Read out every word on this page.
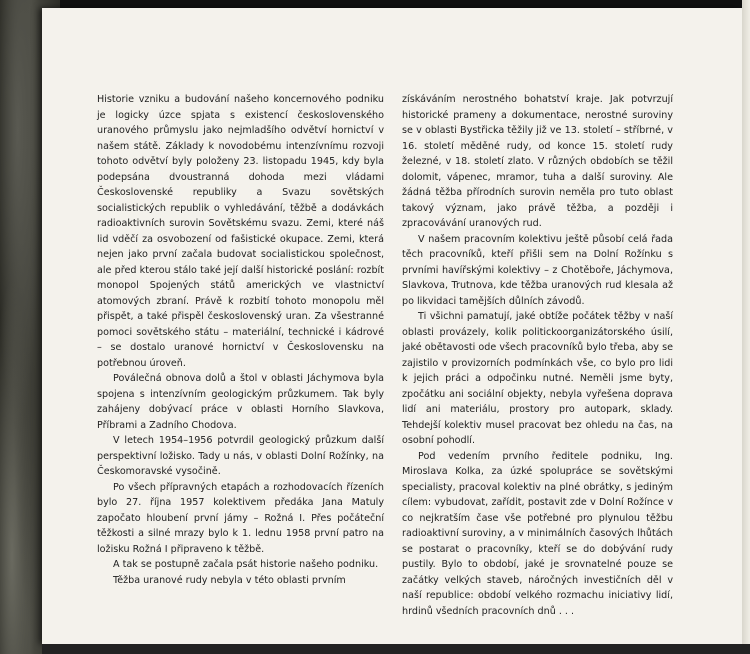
Historie vzniku a budování našeho koncernového podniku je logicky úzce spjata s existencí československého uranového průmyslu jako nejmladšího odvětví hornictví v našem státě. Základy k novodobému intenzívnímu rozvoji tohoto odvětví byly položeny 23. listopadu 1945, kdy byla podepsána dvoustranná dohoda mezi vládami Československé republiky a Svazu sovětských socialistických republik o vyhledávání, těžbě a dodávkách radioaktivních surovin Sovětskému svazu. Zemi, které náš lid vděčí za osvobození od fašistické okupace. Zemi, která nejen jako první začala budovat socialistickou společnost, ale před kterou stálo také její další historické poslání: rozbít monopol Spojených států amerických ve vlastnictví atomových zbraní. Právě k rozbití tohoto monopolu měl přispět, a také přispěl československý uran. Za všestranné pomoci sovětského státu – materiální, technické i kádrové – se dostalo uranové hornictví v Československu na potřebnou úroveň.

Poválečná obnova dolů a štol v oblasti Jáchymova byla spojena s intenzívním geologickým průzkumem. Tak byly zahájeny dobývací práce v oblasti Horního Slavkova, Příbrami a Zadního Chodova.

V letech 1954–1956 potvrdil geologický průzkum další perspektivní ložisko. Tady u nás, v oblasti Dolní Rožínky, na Českomoravské vysočině.

Po všech přípravných etapách a rozhodovacích řízeních bylo 27. října 1957 kolektivem předáka Jana Matuly započato hloubení první jámy – Rožná I. Přes počáteční těžkosti a silné mrazy bylo k 1. lednu 1958 první patro na ložisku Rožná I připraveno k těžbě.

A tak se postupně začala psát historie našeho podniku.

Těžba uranové rudy nebyla v této oblasti prvním

získáváním nerostného bohatství kraje. Jak potvrzují historické prameny a dokumentace, nerostné suroviny se v oblasti Bystřicka těžily již ve 13. století – stříbrné, v 16. století měděné rudy, od konce 15. století rudy železné, v 18. století zlato. V různých obdobích se těžil dolomit, vápenec, mramor, tuha a další suroviny. Ale žádná těžba přírodních surovin neměla pro tuto oblast takový význam, jako právě těžba, a později i zpracovávání uranových rud.

V našem pracovním kolektivu ještě působí celá řada těch pracovníků, kteří přišli sem na Dolní Rožínku s prvními havířskými kolektivy – z Chotěboře, Jáchymova, Slavkova, Trutnova, kde těžba uranových rud klesala až po likvidaci tamějších důlních závodů.

Ti všichni pamatují, jaké obtíže počátek těžby v naší oblasti provázely, kolik politickoorganizátorského úsilí, jaké obětavosti ode všech pracovníků bylo třeba, aby se zajistilo v provizorních podmínkách vše, co bylo pro lidi k jejich práci a odpočinku nutné. Neměli jsme byty, zpočátku ani sociální objekty, nebyla vyřešena doprava lidí ani materiálu, prostory pro autopark, sklady. Tehdejší kolektiv musel pracovat bez ohledu na čas, na osobní pohodlí.

Pod vedením prvního ředitele podniku, Ing. Miroslava Kolka, za úzké spolupráce se sovětskými specialisty, pracoval kolektiv na plné obrátky, s jediným cílem: vybudovat, zařídit, postavit zde v Dolní Rožínce v co nejkratším čase vše potřebné pro plynulou těžbu radioaktivní suroviny, a v minimálních časových lhůtách se postarat o pracovníky, kteří se do dobývání rudy pustily. Bylo to období, jaké je srovnatelné pouze se začátky velkých staveb, náročných investičních děl v naší republice: období velkého rozmachu iniciativy lidí, hrdinů všedních pracovních dnů . . .
